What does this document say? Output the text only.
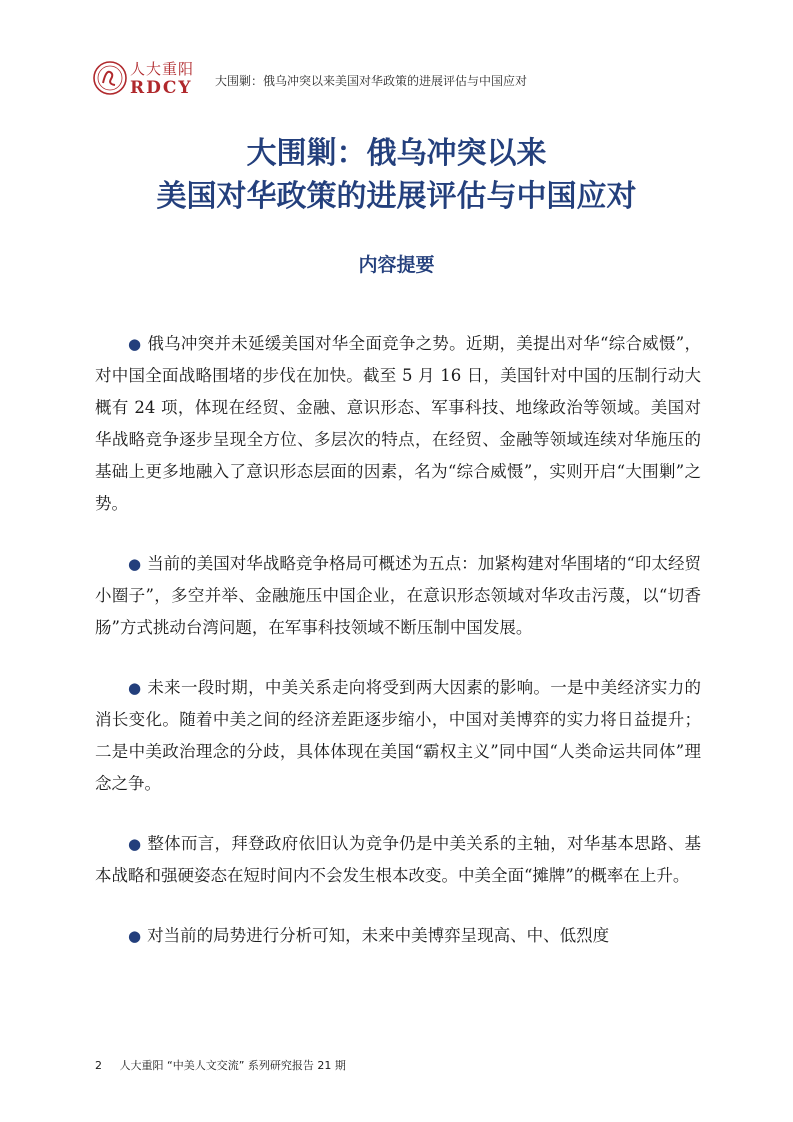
人大重阳
RDCY 大围剿：俄乌冲突以来美国对华政策的进展评估与中国应对
大围剿：俄乌冲突以来
美国对华政策的进展评估与中国应对
内容提要

● 俄乌冲突并未延缓美国对华全面竞争之势。近期，美提出对华“综合威慑”，对中国全面战略围堵的步伐在加快。截至 5 月 16 日，美国针对中国的压制行动大概有 24 项，体现在经贸、金融、意识形态、军事科技、地缘政治等领域。美国对华战略竞争逐步呈现全方位、多层次的特点，在经贸、金融等领域连续对华施压的基础上更多地融入了意识形态层面的因素，名为“综合威慑”，实则开启“大围剿”之势。

● 当前的美国对华战略竞争格局可概述为五点：加紧构建对华围堵的“印太经贸小圈子”，多空并举、金融施压中国企业，在意识形态领域对华攻击污蔑，以“切香肠”方式挑动台湾问题，在军事科技领域不断压制中国发展。

● 未来一段时期，中美关系走向将受到两大因素的影响。一是中美经济实力的消长变化。随着中美之间的经济差距逐步缩小，中国对美博弈的实力将日益提升；二是中美政治理念的分歧，具体体现在美国“霸权主义”同中国“人类命运共同体”理念之争。

● 整体而言，拜登政府依旧认为竞争仍是中美关系的主轴，对华基本思路、基本战略和强硬姿态在短时间内不会发生根本改变。中美全面“摊牌”的概率在上升。

● 对当前的局势进行分析可知，未来中美博弈呈现高、中、低烈度

2 人大重阳 “中美人文交流” 系列研究报告 21 期
